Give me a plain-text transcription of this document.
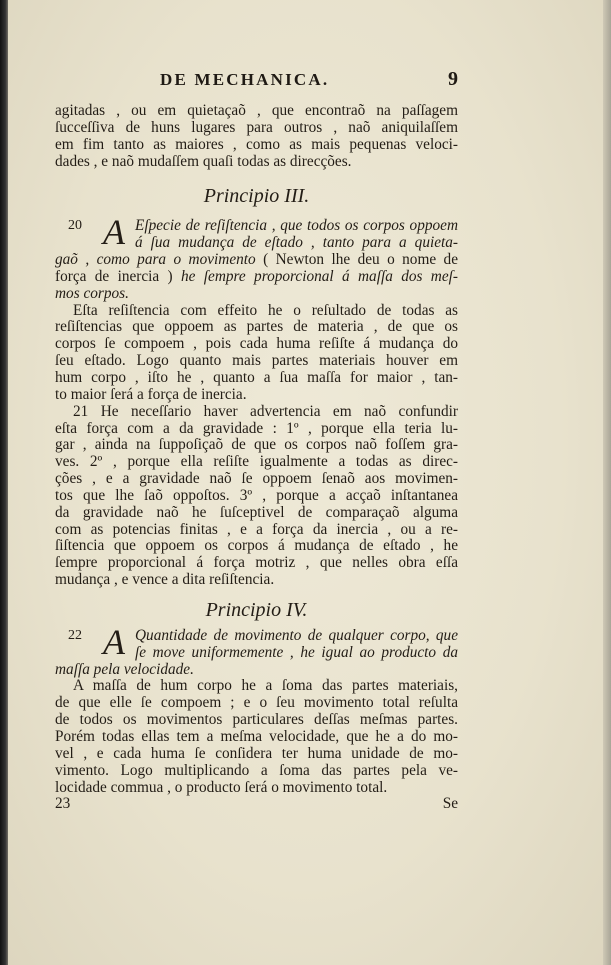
DE MECHANICA.	9
agitadas , ou em quietaçaõ , que encontraõ na paſſagem
ſucceſſiva de huns lugares para outros , naõ aniquilaſſem
em fim tanto as maiores , como as mais pequenas veloci-
dades , e naõ mudaſſem quaſi todas as direcções.
Principio III.
20 A Eſpecie de reſiſtencia , que todos os corpos oppoem
á ſua mudança de eſtado , tanto para a quieta-
gaõ , como para o movimento ( Newton lhe deu o nome de
força de inercia ) he ſempre proporcional á maſſa dos meſ-
mos corpos.
Eſta reſiſtencia com effeito he o reſultado de todas as
reſiſtencias que oppoem as partes de materia , de que os
corpos ſe compoem , pois cada huma reſiſte á mudança do
ſeu eſtado. Logo quanto mais partes materiais houver em
hum corpo , iſto he , quanto a ſua maſſa for maior , tan-
to maior ſerá a força de inercia.
21 He neceſſario haver advertencia em naõ confundir
eſta força com a da gravidade : 1º , porque ella teria lu-
gar , ainda na ſuppoſiçaõ de que os corpos naõ foſſem gra-
ves. 2º , porque ella reſiſte igualmente a todas as direc-
ções , e a gravidade naõ ſe oppoem ſenaõ aos movimen-
tos que lhe ſaõ oppoſtos. 3º , porque a acçaõ inſtantanea
da gravidade naõ he ſuſceptivel de comparaçaõ alguma
com as potencias finitas , e a força da inercia , ou a re-
ſiſtencia que oppoem os corpos á mudança de eſtado , he
ſempre proporcional á força motriz , que nelles obra eſſa
mudança , e vence a dita reſiſtencia.
Principio IV.
22 A Quantidade de movimento de qualquer corpo, que
ſe move uniformemente , he igual ao producto da
maſſa pela velocidade.
A maſſa de hum corpo he a ſoma das partes materiais,
de que elle ſe compoem ; e o ſeu movimento total reſulta
de todos os movimentos particulares deſſas meſmas partes.
Porém todas ellas tem a meſma velocidade, que he a do mo-
vel , e cada huma ſe conſidera ter huma unidade de mo-
vimento. Logo multiplicando a ſoma das partes pela ve-
locidade commua , o producto ſerá o movimento total.
23 Se
